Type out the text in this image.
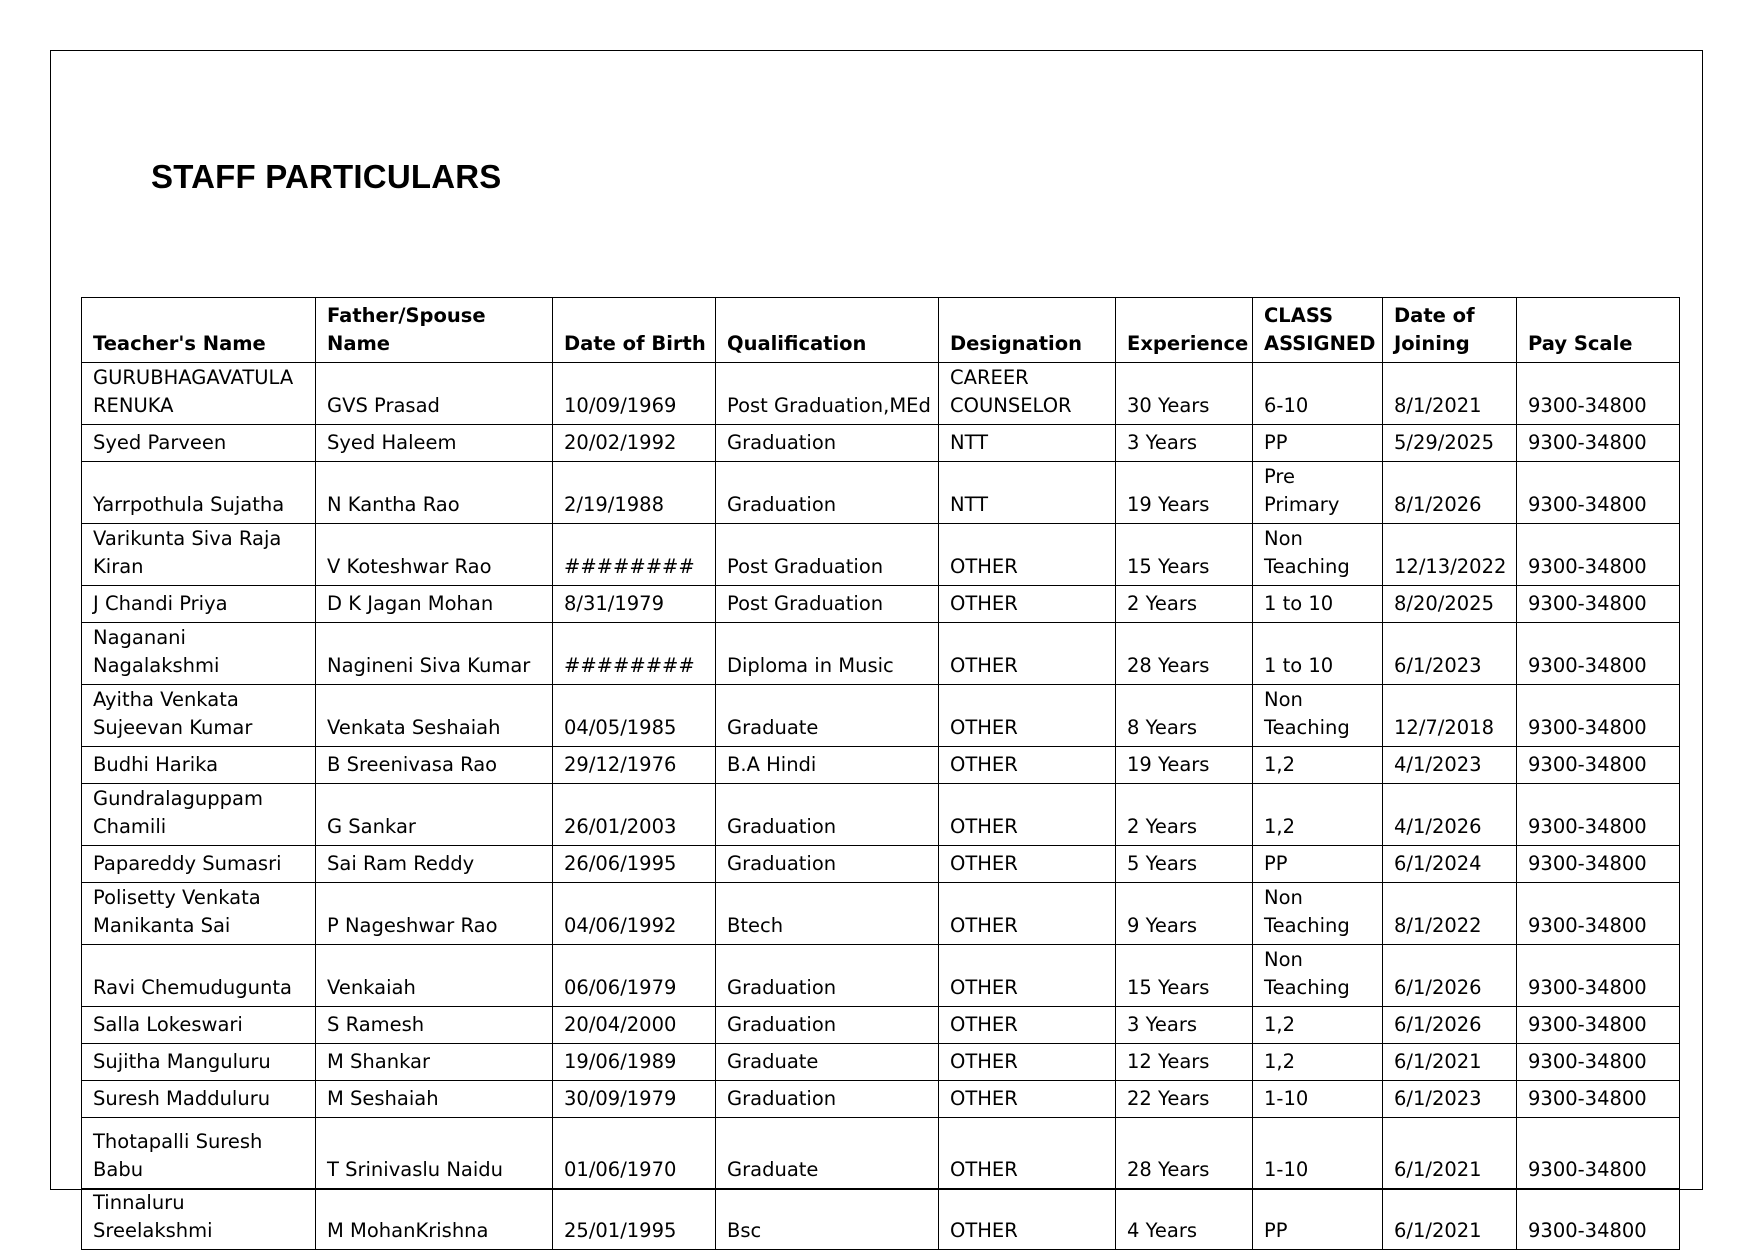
STAFF PARTICULARS
Teacher's Name	Father/Spouse Name	Date of Birth	Qualification	Designation	Experience	CLASS ASSIGNED	Date of Joining	Pay Scale
GURUBHAGAVATULA RENUKA	GVS Prasad	10/09/1969	Post Graduation,MEd	CAREER COUNSELOR	30 Years	6-10	8/1/2021	9300-34800
Syed Parveen	Syed Haleem	20/02/1992	Graduation	NTT	3 Years	PP	5/29/2025	9300-34800
Yarrpothula Sujatha	N Kantha Rao	2/19/1988	Graduation	NTT	19 Years	Pre Primary	8/1/2026	9300-34800
Varikunta Siva Raja Kiran	V Koteshwar Rao	########	Post Graduation	OTHER	15 Years	Non Teaching	12/13/2022	9300-34800
J Chandi Priya	D K Jagan Mohan	8/31/1979	Post Graduation	OTHER	2 Years	1 to 10	8/20/2025	9300-34800
Naganani Nagalakshmi	Nagineni Siva Kumar	########	Diploma in Music	OTHER	28 Years	1 to 10	6/1/2023	9300-34800
Ayitha Venkata Sujeevan Kumar	Venkata Seshaiah	04/05/1985	Graduate	OTHER	8 Years	Non Teaching	12/7/2018	9300-34800
Budhi Harika	B Sreenivasa Rao	29/12/1976	B.A Hindi	OTHER	19 Years	1,2	4/1/2023	9300-34800
Gundralaguppam Chamili	G Sankar	26/01/2003	Graduation	OTHER	2 Years	1,2	4/1/2026	9300-34800
Papareddy Sumasri	Sai Ram Reddy	26/06/1995	Graduation	OTHER	5 Years	PP	6/1/2024	9300-34800
Polisetty Venkata Manikanta Sai	P Nageshwar Rao	04/06/1992	Btech	OTHER	9 Years	Non Teaching	8/1/2022	9300-34800
Ravi Chemudugunta	Venkaiah	06/06/1979	Graduation	OTHER	15 Years	Non Teaching	6/1/2026	9300-34800
Salla Lokeswari	S Ramesh	20/04/2000	Graduation	OTHER	3 Years	1,2	6/1/2026	9300-34800
Sujitha Manguluru	M Shankar	19/06/1989	Graduate	OTHER	12 Years	1,2	6/1/2021	9300-34800
Suresh Madduluru	M Seshaiah	30/09/1979	Graduation	OTHER	22 Years	1-10	6/1/2023	9300-34800
Thotapalli Suresh Babu	T Srinivaslu Naidu	01/06/1970	Graduate	OTHER	28 Years	1-10	6/1/2021	9300-34800
Tinnaluru Sreelakshmi	M MohanKrishna	25/01/1995	Bsc	OTHER	4 Years	PP	6/1/2021	9300-34800
